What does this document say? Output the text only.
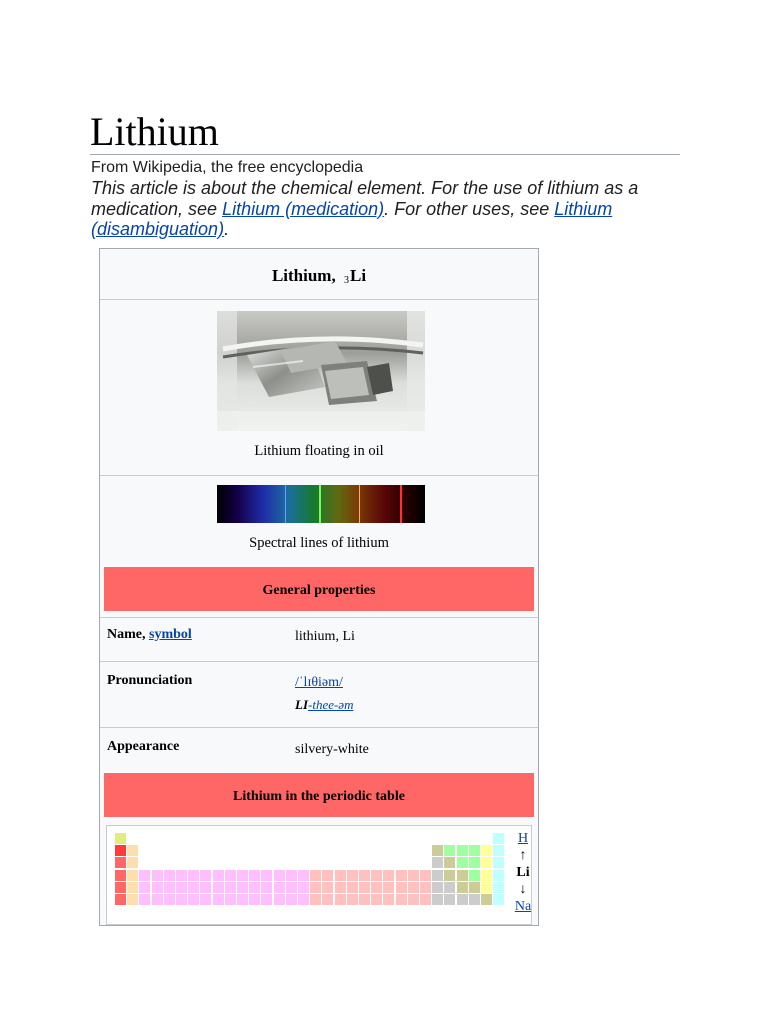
Lithium
From Wikipedia, the free encyclopedia
This article is about the chemical element. For the use of lithium as a medication, see Lithium (medication). For other uses, see Lithium (disambiguation).
Lithium, $_3$Li
Lithium floating in oil
Spectral lines of lithium
General properties
Name, symbol	lithium, Li
Pronunciation	/ˈlɪθiəm/
LI-thee-əm
Appearance	silvery-white
Lithium in the periodic table
H
↑
Li
↓
Na
